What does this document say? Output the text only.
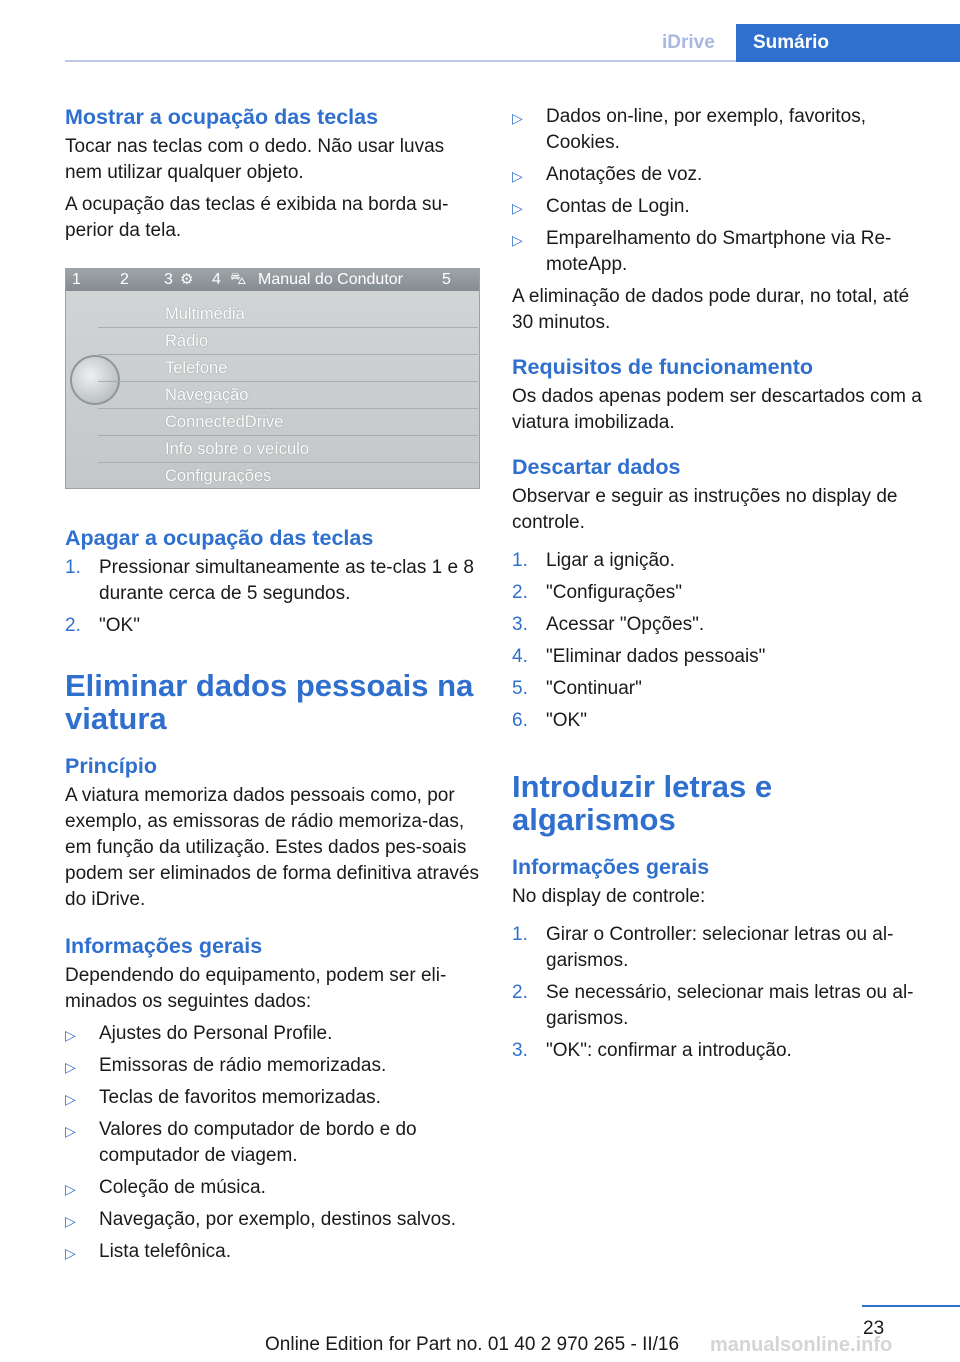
iDrive Sumário
Mostrar a ocupação das teclas

Tocar nas teclas com o dedo. Não usar luvas nem utilizar qualquer objeto.

A ocupação das teclas é exibida na borda su-perior da tela.

1 2 3 ⚙ 4 ⛍ Manual do Condutor 5
Multimédia
Rádio
Telefone
Navegação
ConnectedDrive
Info sobre o veículo
Configurações
Apagar a ocupação das teclas
1. Pressionar simultaneamente as te-clas 1 e 8 durante cerca de 5 segundos.
2. "OK"
Eliminar dados pessoais na viatura
Princípio

A viatura memoriza dados pessoais como, por exemplo, as emissoras de rádio memoriza-das, em função da utilização. Estes dados pes-soais podem ser eliminados de forma definitiva através do iDrive.

Informações gerais

Dependendo do equipamento, podem ser eli-minados os seguintes dados:

▷ Ajustes do Personal Profile.
▷ Emissoras de rádio memorizadas.
▷ Teclas de favoritos memorizadas.
▷ Valores do computador de bordo e do computador de viagem.
▷ Coleção de música.
▷ Navegação, por exemplo, destinos salvos.
▷ Lista telefônica.
▷ Dados on-line, por exemplo, favoritos, Cookies.
▷ Anotações de voz.
▷ Contas de Login.
▷ Emparelhamento do Smartphone via Re-moteApp.

A eliminação de dados pode durar, no total, até 30 minutos.

Requisitos de funcionamento

Os dados apenas podem ser descartados com a viatura imobilizada.

Descartar dados

Observar e seguir as instruções no display de controle.

1. Ligar a ignição.
2. "Configurações"
3. Acessar "Opções".
4. "Eliminar dados pessoais"
5. "Continuar"
6. "OK"
Introduzir letras e algarismos
Informações gerais

No display de controle:

1. Girar o Controller: selecionar letras ou al-garismos.
2. Se necessário, selecionar mais letras ou al-garismos.
3. "OK": confirmar a introdução.
23
Online Edition for Part no. 01 40 2 970 265 - II/16 manualsonline.info
